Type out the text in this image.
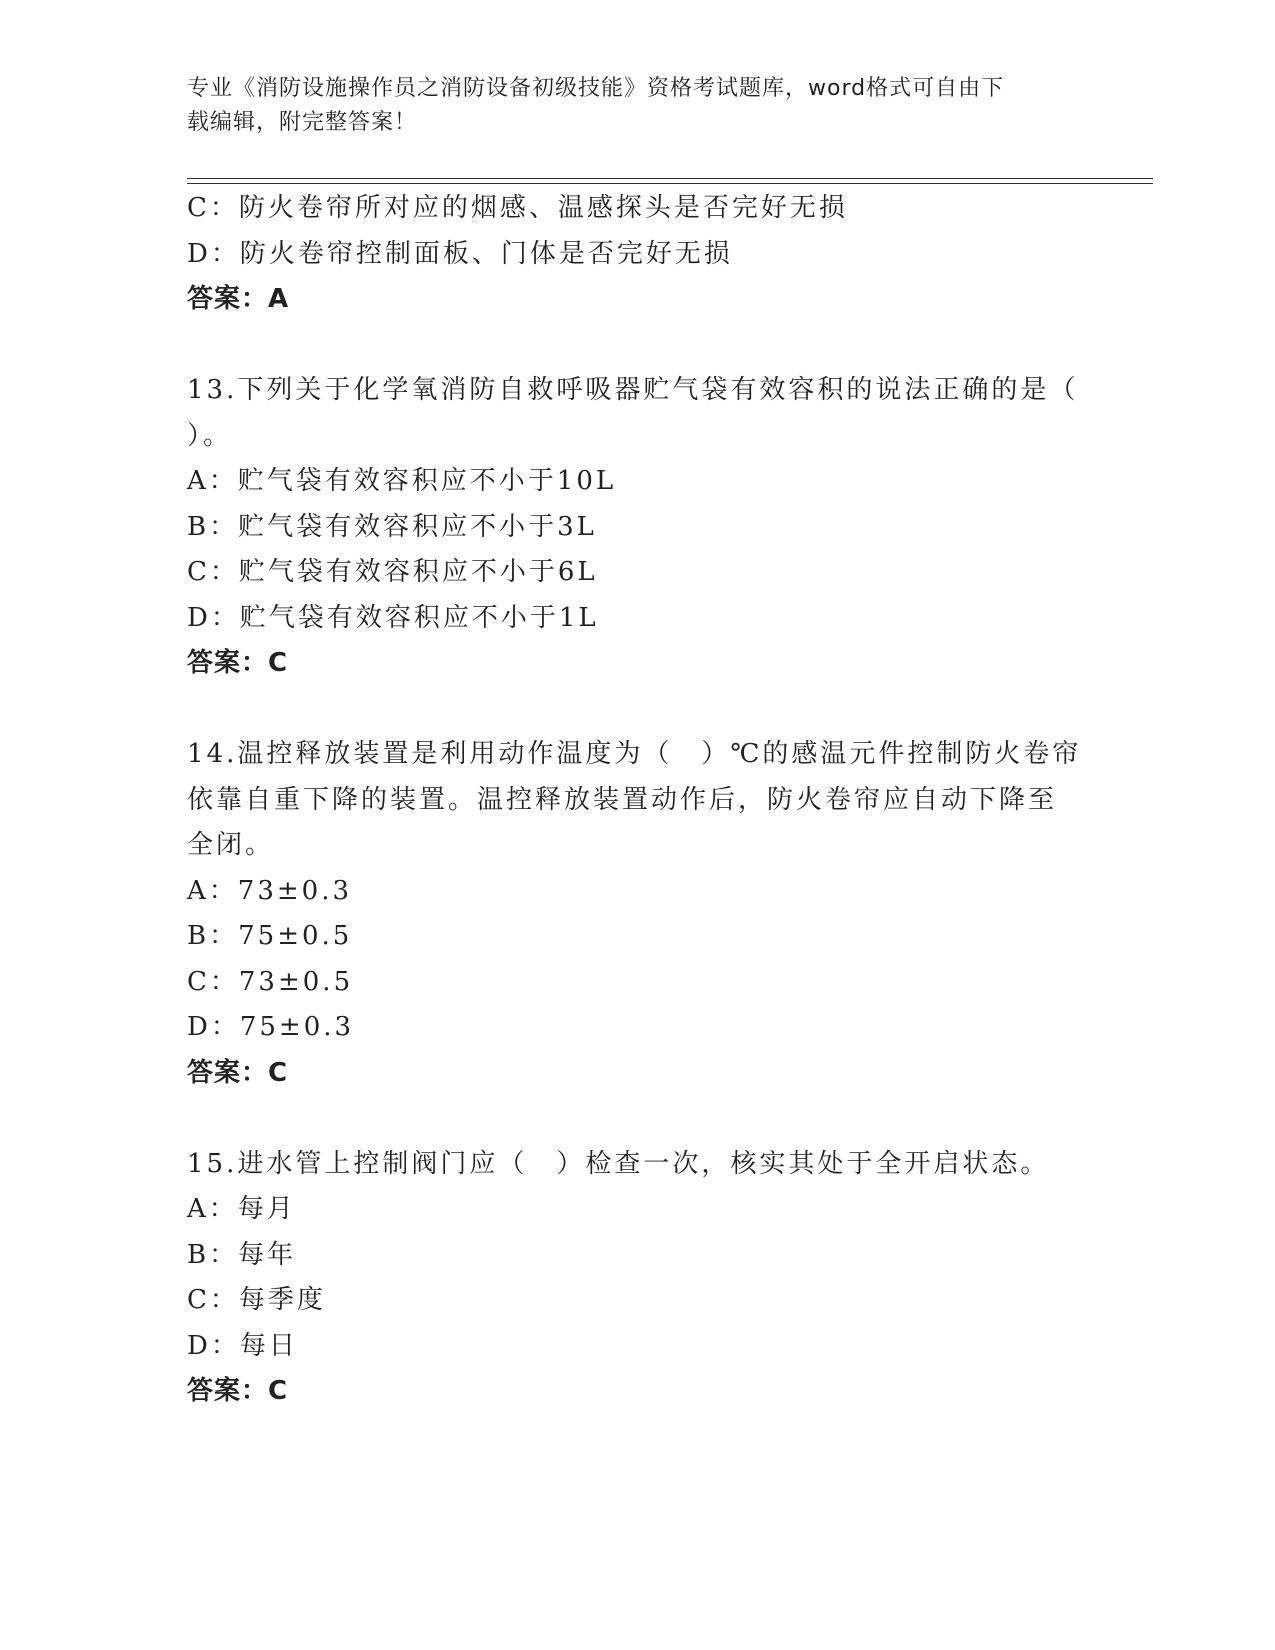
专业《消防设施操作员之消防设备初级技能》资格考试题库，word格式可自由下
载编辑，附完整答案！
C：防火卷帘所对应的烟感、温感探头是否完好无损
D：防火卷帘控制面板、门体是否完好无损
答案：A
13.下列关于化学氧消防自救呼吸器贮气袋有效容积的说法正确的是（
）。
A：贮气袋有效容积应不小于10L
B：贮气袋有效容积应不小于3L
C：贮气袋有效容积应不小于6L
D：贮气袋有效容积应不小于1L
答案：C
14.温控释放装置是利用动作温度为（　）℃的感温元件控制防火卷帘
依靠自重下降的装置。温控释放装置动作后，防火卷帘应自动下降至
全闭。
A：73±0.3
B：75±0.5
C：73±0.5
D：75±0.3
答案：C
15.进水管上控制阀门应（　）检查一次，核实其处于全开启状态。
A：每月
B：每年
C：每季度
D：每日
答案：C
